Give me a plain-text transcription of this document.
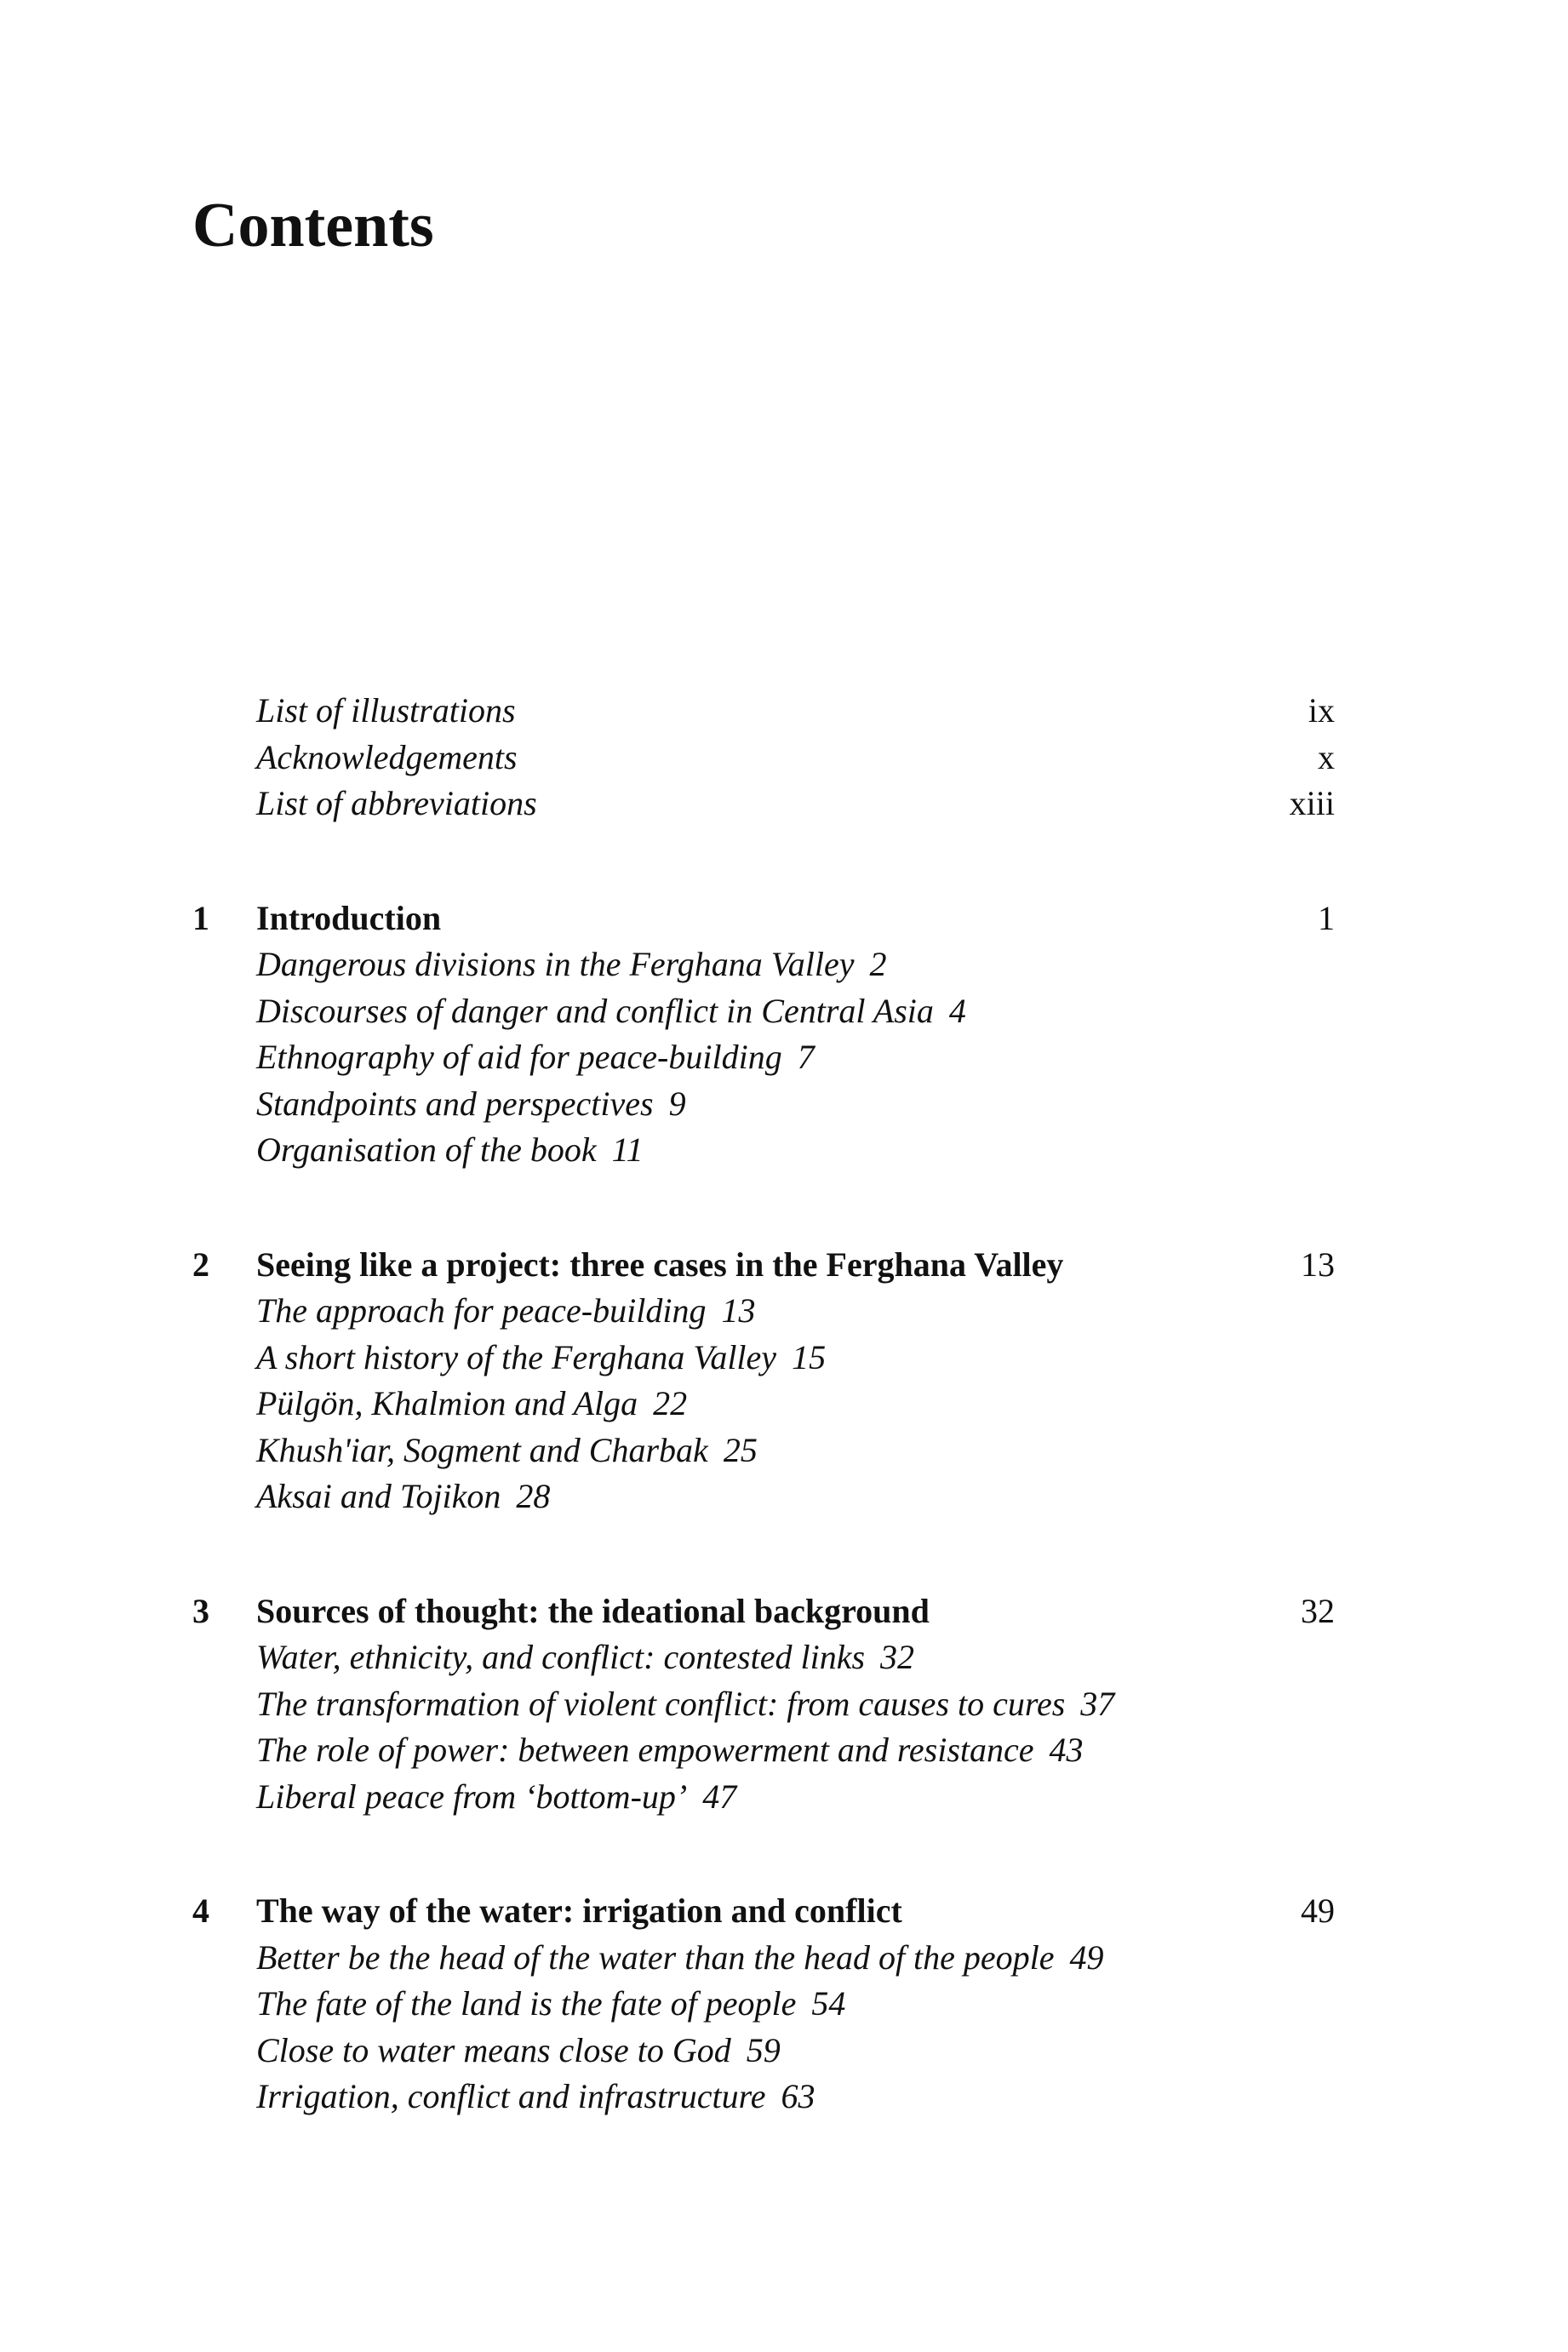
Contents
List of illustrations	ix
Acknowledgements	x
List of abbreviations	xiii
1 Introduction	1
Dangerous divisions in the Ferghana Valley 2
Discourses of danger and conflict in Central Asia 4
Ethnography of aid for peace-building 7
Standpoints and perspectives 9
Organisation of the book 11
2 Seeing like a project: three cases in the Ferghana Valley	13
The approach for peace-building 13
A short history of the Ferghana Valley 15
Pülgön, Khalmion and Alga 22
Khush'iar, Sogment and Charbak 25
Aksai and Tojikon 28
3 Sources of thought: the ideational background	32
Water, ethnicity, and conflict: contested links 32
The transformation of violent conflict: from causes to cures 37
The role of power: between empowerment and resistance 43
Liberal peace from ‘bottom-up’ 47
4 The way of the water: irrigation and conflict	49
Better be the head of the water than the head of the people 49
The fate of the land is the fate of people 54
Close to water means close to God 59
Irrigation, conflict and infrastructure 63
